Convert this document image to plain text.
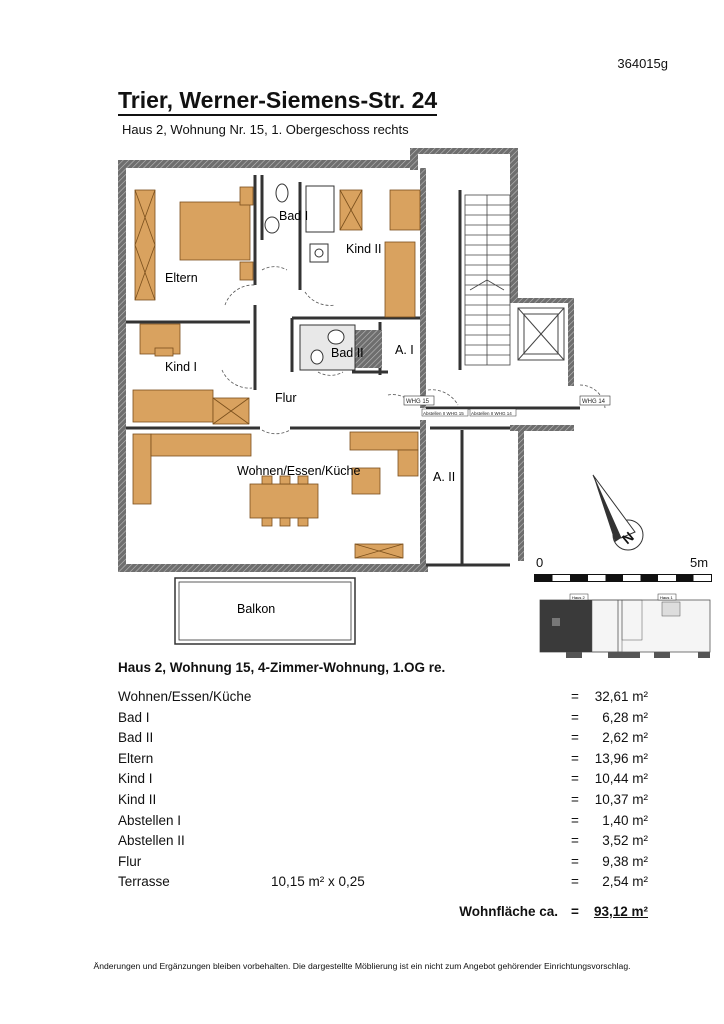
364015g
Trier, Werner-Siemens-Str. 24
Haus 2, Wohnung Nr. 15, 1. Obergeschoss rechts
Eltern
Bad I
Kind II
Kind I
Bad II	A. I
Flur
Wohnen/Essen/Küche	A. II
Balkon
WHG 15	WHG 14
Abstellen II WHG 15 Abstellen II WHG 14
N
0	5m
Haus 2	Haus 1
Haus 2, Wohnung 15, 4-Zimmer-Wohnung, 1.OG re.
Wohnen/Essen/Küche	= 32,61 m²
Bad I	= 6,28 m²
Bad II	= 2,62 m²
Eltern	= 13,96 m²
Kind I	= 10,44 m²
Kind II	= 10,37 m²
Abstellen I	= 1,40 m²
Abstellen II	= 3,52 m²
Flur	= 9,38 m²
Terrasse	10,15 m² x 0,25	= 2,54 m²
Wohnfläche ca. = 93,12 m²
Änderungen und Ergänzungen bleiben vorbehalten. Die dargestellte Möblierung ist ein nicht zum Angebot gehörender Einrichtungsvorschlag.
